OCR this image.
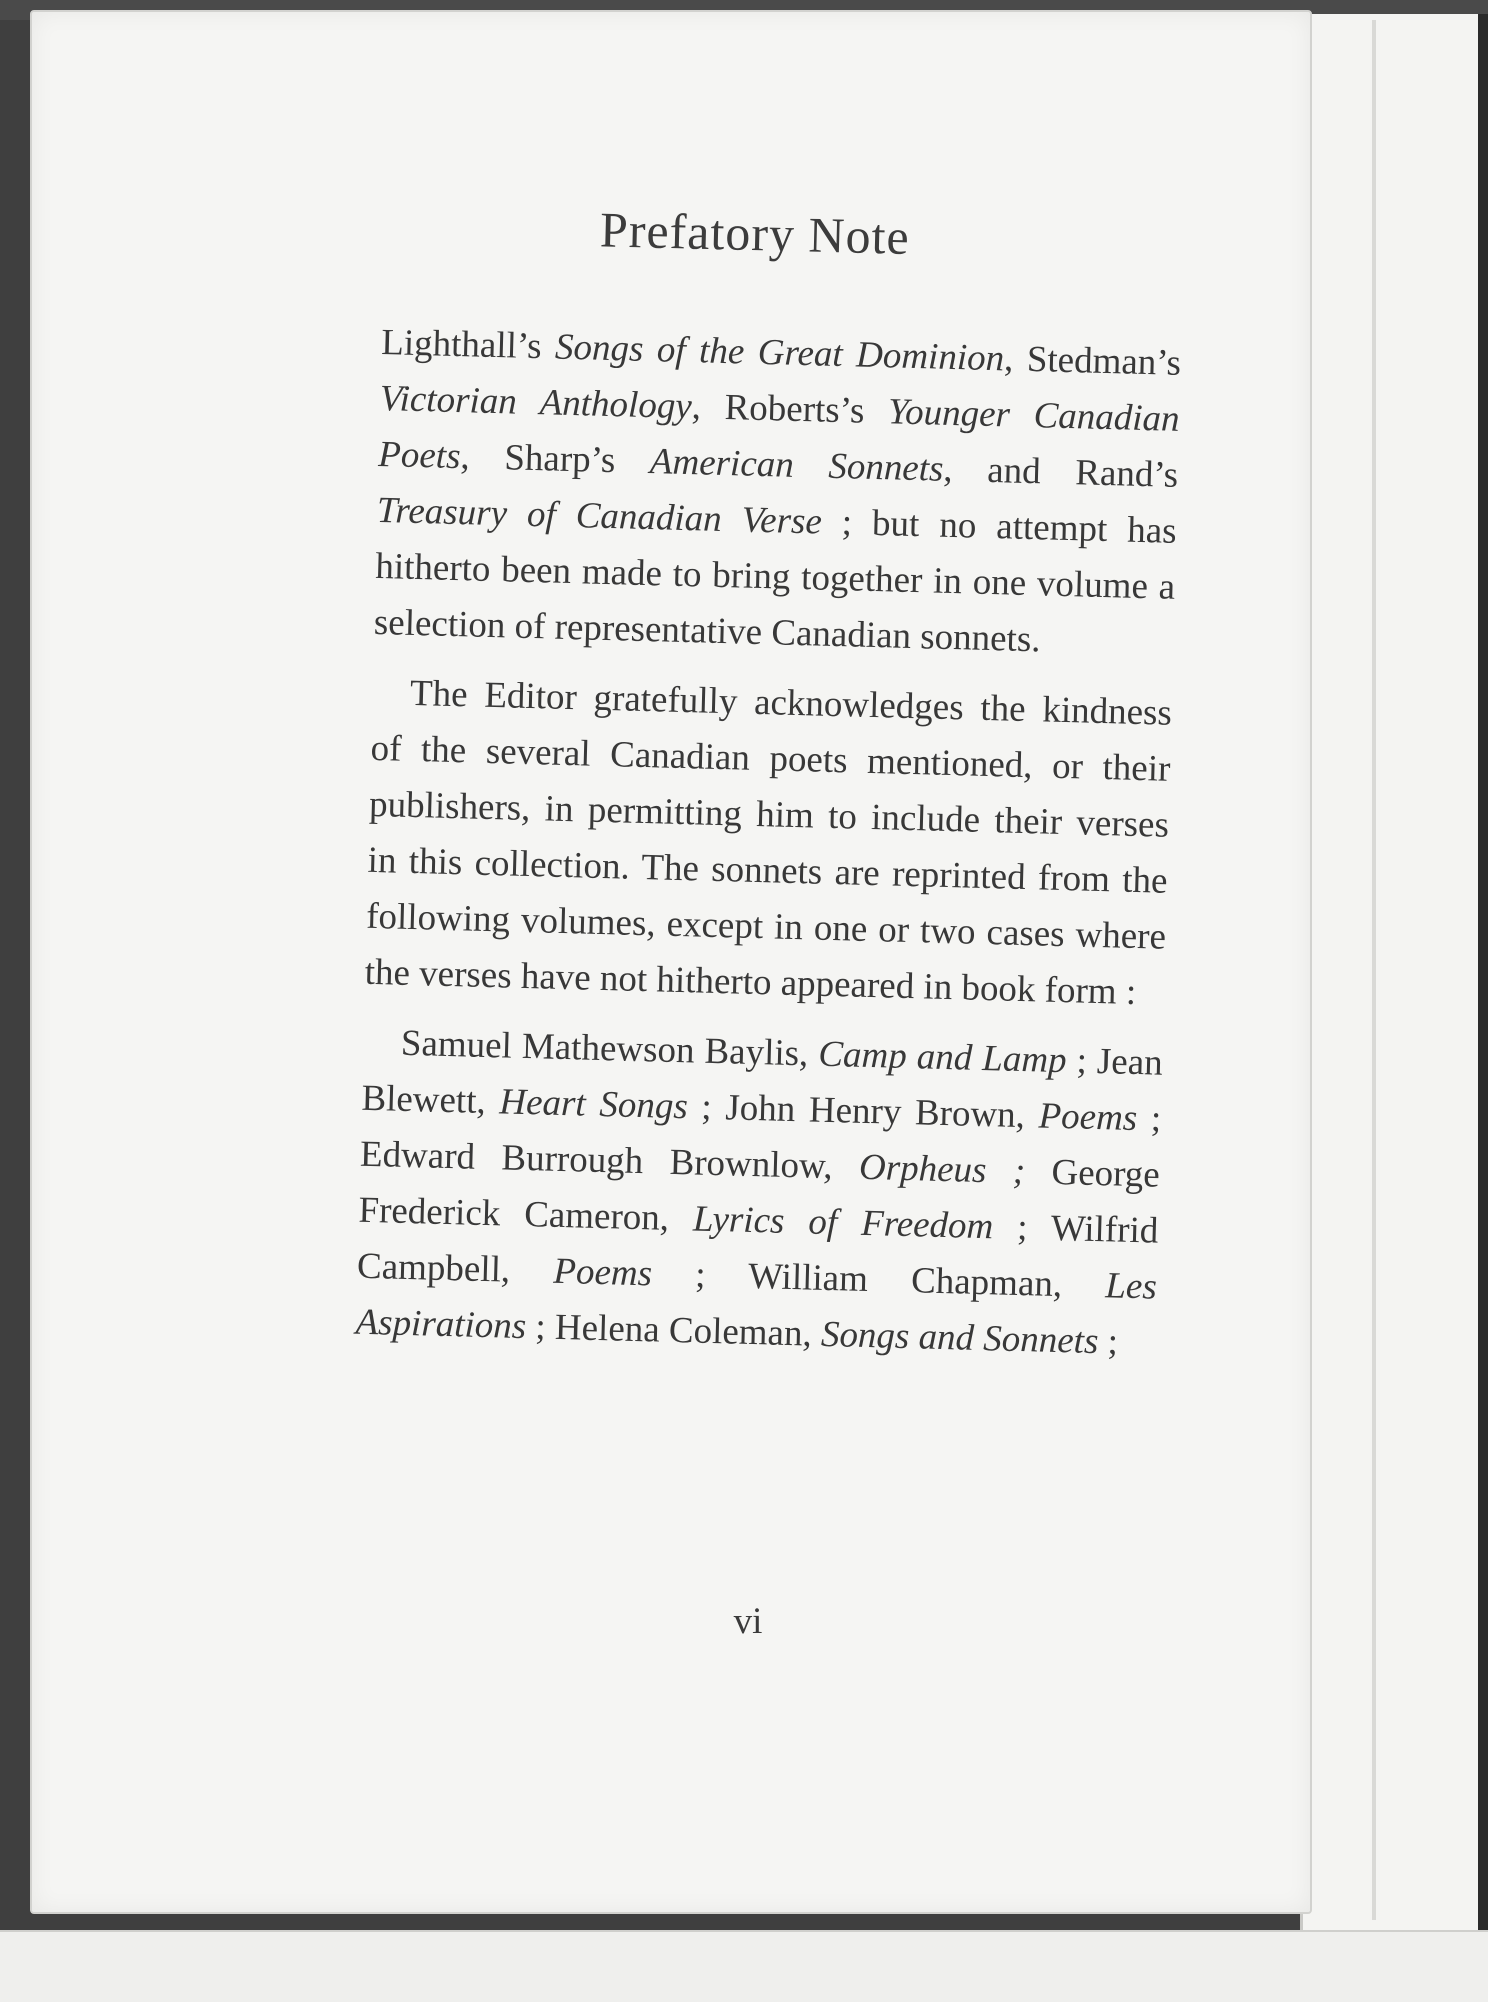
Prefatory Note

Lighthall’s Songs of the Great Dominion, Stedman’s Victorian Anthology, Roberts’s Younger Canadian Poets, Sharp’s American Sonnets, and Rand’s Treasury of Canadian Verse ; but no attempt has hitherto been made to bring together in one volume a selection of representative Canadian sonnets.

The Editor gratefully acknowledges the kindness of the several Canadian poets mentioned, or their publishers, in permitting him to include their verses in this collection. The sonnets are reprinted from the following volumes, except in one or two cases where the verses have not hitherto appeared in book form :

Samuel Mathewson Baylis, Camp and Lamp ; Jean Blewett, Heart Songs ; John Henry Brown, Poems ; Edward Burrough Brownlow, Orpheus ; George Frederick Cameron, Lyrics of Freedom ; Wilfrid Campbell, Poems ; William Chapman, Les Aspirations ; Helena Coleman, Songs and Sonnets ;

vi
